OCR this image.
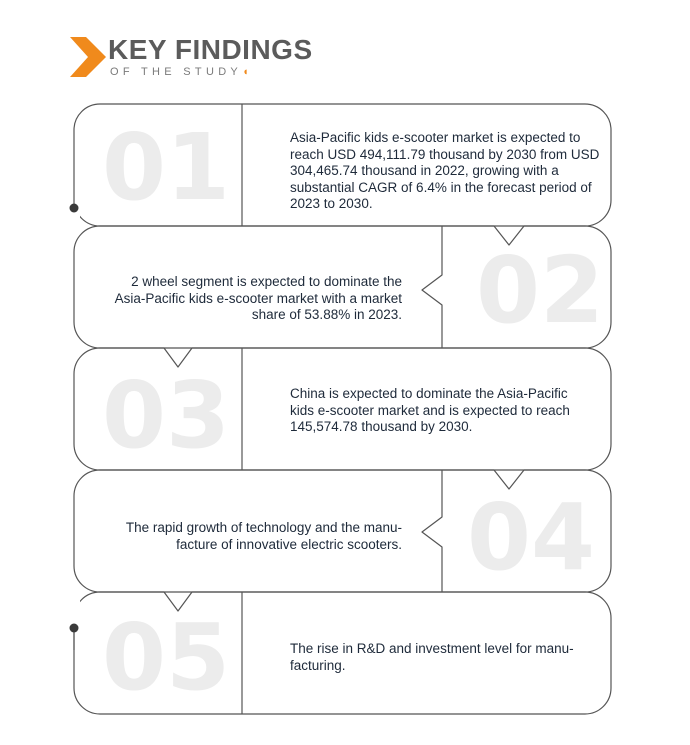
KEY FINDINGS
OF THE STUDY◖
01
02
03
04
05

Asia-Pacific kids e-scooter market is expected to reach USD 494,111.79 thousand by 2030 from USD 304,465.74 thousand in 2022, growing with a substantial CAGR of 6.4% in the forecast period of 2023 to 2030.

2 wheel segment is expected to dominate the Asia-Pacific kids e-scooter market with a market share of 53.88% in 2023.

China is expected to dominate the Asia-Pacific kids e-scooter market and is expected to reach 145,574.78 thousand by 2030.

The rapid growth of technology and the manu-facture of innovative electric scooters.

The rise in R&D and investment level for manu-facturing.
